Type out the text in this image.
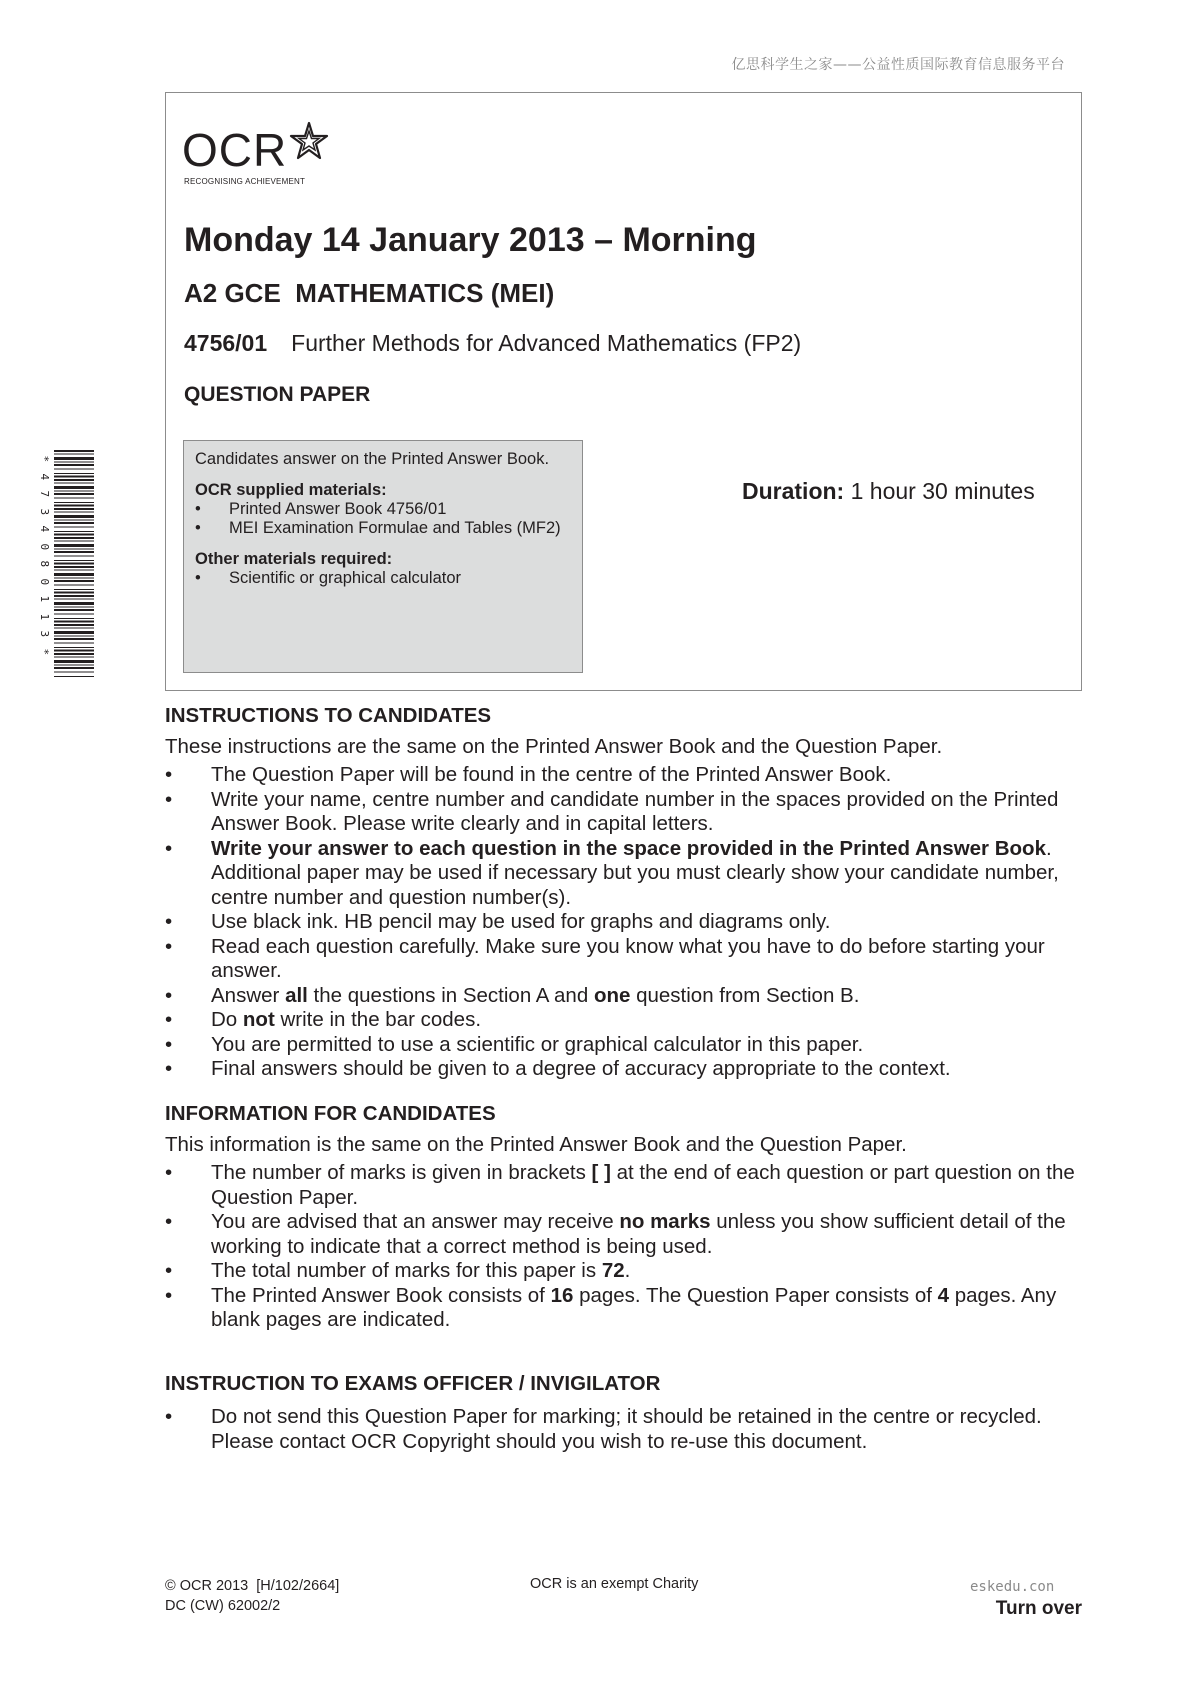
亿思科学生之家——公益性质国际教育信息服务平台
OCR
RECOGNISING ACHIEVEMENT
Monday 14 January 2013 – Morning
A2 GCE  MATHEMATICS (MEI)
4756/01 Further Methods for Advanced Mathematics (FP2)
QUESTION PAPER
Candidates answer on the Printed Answer Book.
OCR supplied materials:
• Printed Answer Book 4756/01
• MEI Examination Formulae and Tables (MF2)
Other materials required:
• Scientific or graphical calculator
Duration: 1 hour 30 minutes
*
4
7
3
4
0
8
0
1
1
3
*
INSTRUCTIONS TO CANDIDATES
These instructions are the same on the Printed Answer Book and the Question Paper.
• The Question Paper will be found in the centre of the Printed Answer Book.
• Write your name, centre number and candidate number in the spaces provided on the Printed Answer Book. Please write clearly and in capital letters.
• Write your answer to each question in the space provided in the Printed Answer Book. Additional paper may be used if necessary but you must clearly show your candidate number, centre number and question number(s).
• Use black ink. HB pencil may be used for graphs and diagrams only.
• Read each question carefully. Make sure you know what you have to do before starting your answer.
• Answer all the questions in Section A and one question from Section B.
• Do not write in the bar codes.
• You are permitted to use a scientific or graphical calculator in this paper.
• Final answers should be given to a degree of accuracy appropriate to the context.
INFORMATION FOR CANDIDATES
This information is the same on the Printed Answer Book and the Question Paper.
• The number of marks is given in brackets [ ] at the end of each question or part question on the Question Paper.
• You are advised that an answer may receive no marks unless you show sufficient detail of the working to indicate that a correct method is being used.
• The total number of marks for this paper is 72.
• The Printed Answer Book consists of 16 pages. The Question Paper consists of 4 pages. Any blank pages are indicated.
INSTRUCTION TO EXAMS OFFICER / INVIGILATOR
• Do not send this Question Paper for marking; it should be retained in the centre or recycled. Please contact OCR Copyright should you wish to re-use this document.
© OCR 2013  [H/102/2664]
DC (CW) 62002/2
OCR is an exempt Charity	eskedu.con
Turn over
